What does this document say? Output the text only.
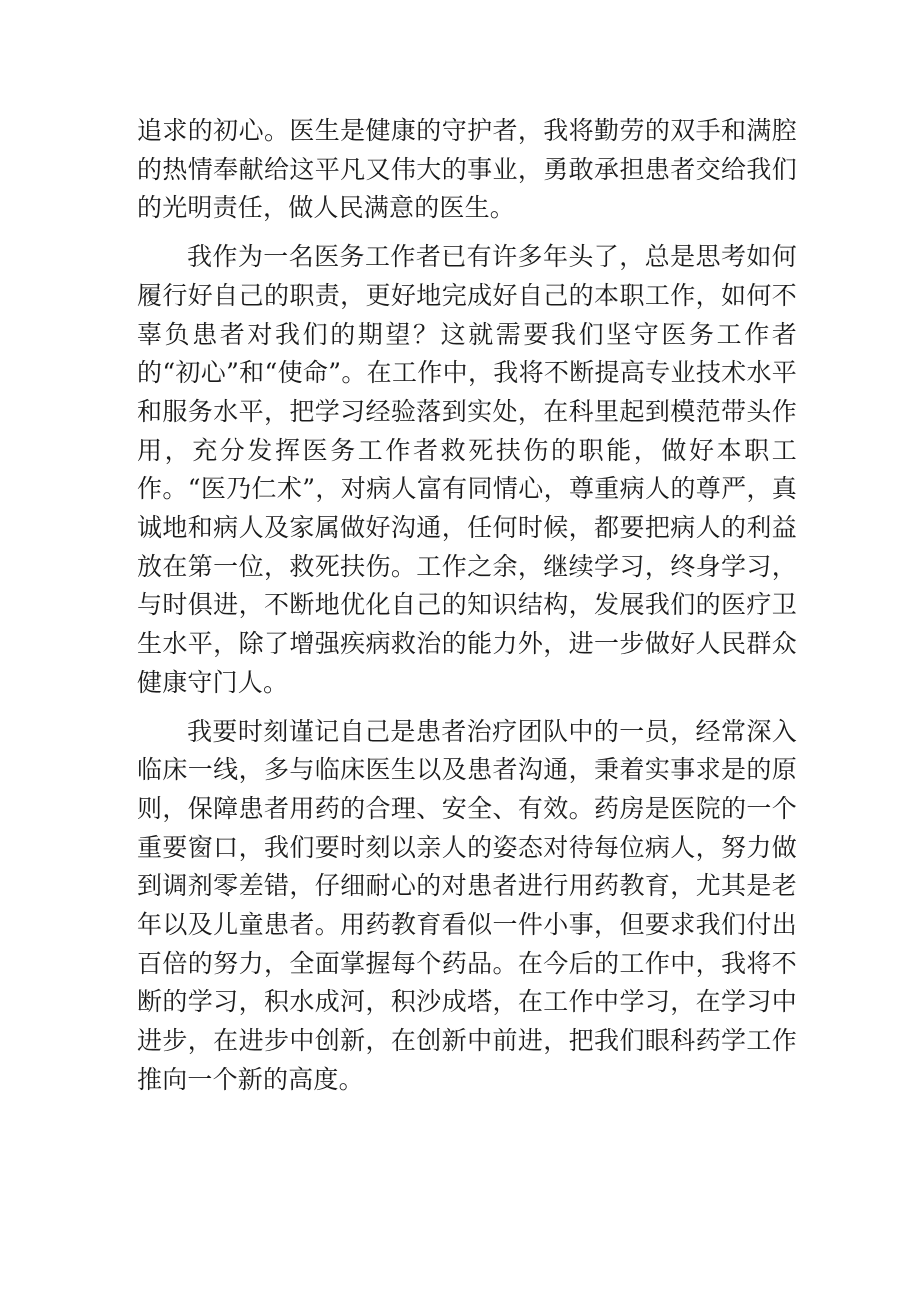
追求的初心。医生是健康的守护者，我将勤劳的双手和满腔的热情奉献给这平凡又伟大的事业，勇敢承担患者交给我们的光明责任，做人民满意的医生。

我作为一名医务工作者已有许多年头了，总是思考如何履行好自己的职责，更好地完成好自己的本职工作，如何不辜负患者对我们的期望？这就需要我们坚守医务工作者的“初心”和“使命”。在工作中，我将不断提高专业技术水平和服务水平，把学习经验落到实处，在科里起到模范带头作用，充分发挥医务工作者救死扶伤的职能，做好本职工作。“医乃仁术”，对病人富有同情心，尊重病人的尊严，真诚地和病人及家属做好沟通，任何时候，都要把病人的利益放在第一位，救死扶伤。工作之余，继续学习，终身学习，与时俱进，不断地优化自己的知识结构，发展我们的医疗卫生水平，除了增强疾病救治的能力外，进一步做好人民群众健康守门人。

我要时刻谨记自己是患者治疗团队中的一员，经常深入临床一线，多与临床医生以及患者沟通，秉着实事求是的原则，保障患者用药的合理、安全、有效。药房是医院的一个重要窗口，我们要时刻以亲人的姿态对待每位病人，努力做到调剂零差错，仔细耐心的对患者进行用药教育，尤其是老年以及儿童患者。用药教育看似一件小事，但要求我们付出百倍的努力，全面掌握每个药品。在今后的工作中，我将不断的学习，积水成河，积沙成塔，在工作中学习，在学习中进步，在进步中创新，在创新中前进，把我们眼科药学工作推向一个新的高度。
